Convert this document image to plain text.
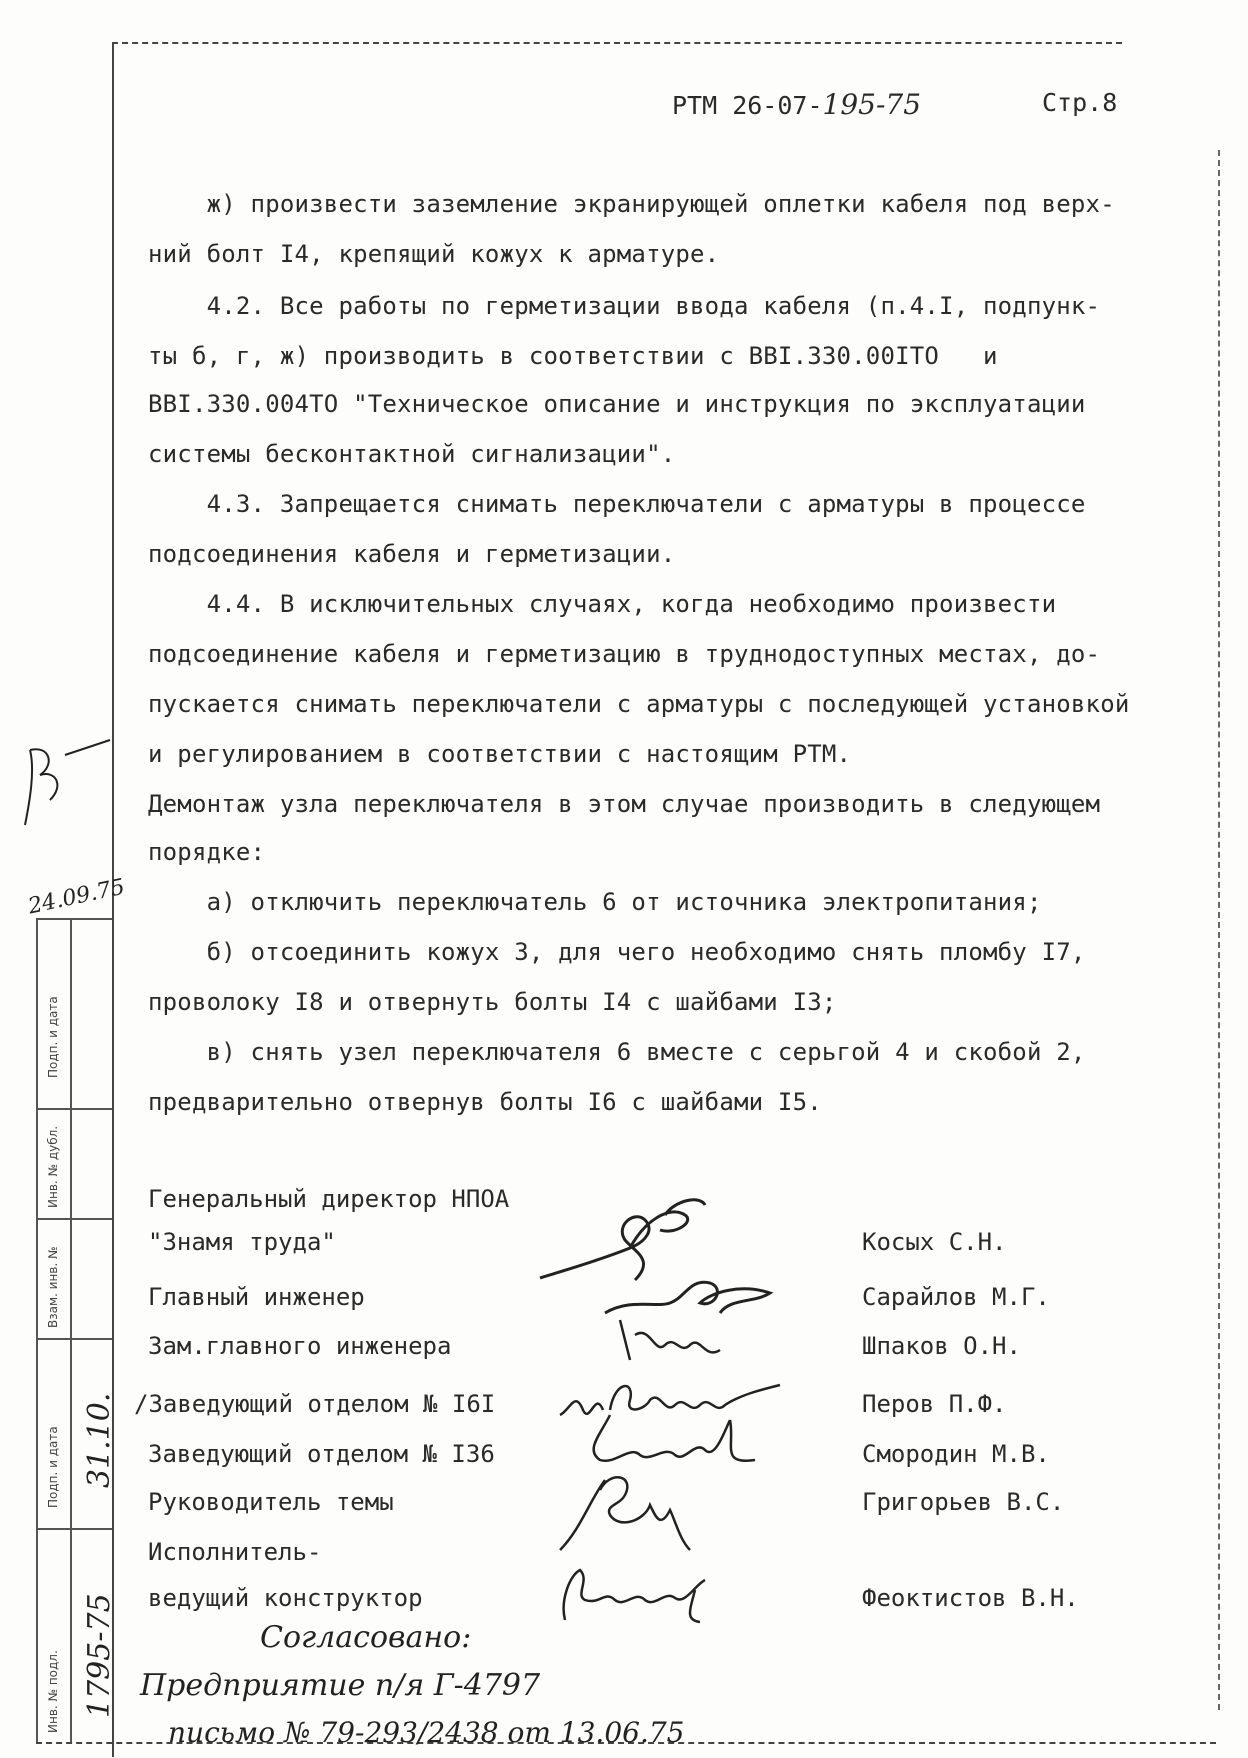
РТМ 26-07-195-75	Стр.8
ж) произвести заземление экранирующей оплетки кабеля под верх-
ний болт I4, крепящий кожух к арматуре.
4.2. Все работы по герметизации ввода кабеля (п.4.I, подпунк-
ты б, г, ж) производить в соответствии с ВВI.330.00IТО   и
ВВI.330.004ТО "Техническое описание и инструкция по эксплуатации
системы бесконтактной сигнализации".
4.3. Запрещается снимать переключатели с арматуры в процессе
подсоединения кабеля и герметизации.
4.4. В исключительных случаях, когда необходимо произвести
подсоединение кабеля и герметизацию в труднодоступных местах, до-
пускается снимать переключатели с арматуры с последующей установкой
и регулированием в соответствии с настоящим РТМ.
Демонтаж узла переключателя в этом случае производить в следующем
порядке:
а) отключить переключатель 6 от источника электропитания;
б) отсоединить кожух 3, для чего необходимо снять пломбу I7,
проволоку I8 и отвернуть болты I4 с шайбами I3;
в) снять узел переключателя 6 вместе с серьгой 4 и скобой 2,
предварительно отвернув болты I6 с шайбами I5.
Генеральный директор НПОА
"Знамя труда"	Косых С.Н.
Главный инженер	Сарайлов М.Г.
Зам.главного инженера	Шпаков О.Н.
/Заведующий отделом № I6I	Перов П.Ф.
Заведующий отделом № I36	Смородин М.В.
Руководитель темы	Григорьев В.С.
Исполнитель-
ведущий конструктор	Феоктистов В.Н.
Согласовано:
Предприятие п/я Г-4797
письмо № 79-293/2438 от 13.06.75
24.09.75
Подп. и дата
Инв. № дубл.
Взам. инв. №
Подп. и дата
Инв. № подл.
31.10.
1795-75
